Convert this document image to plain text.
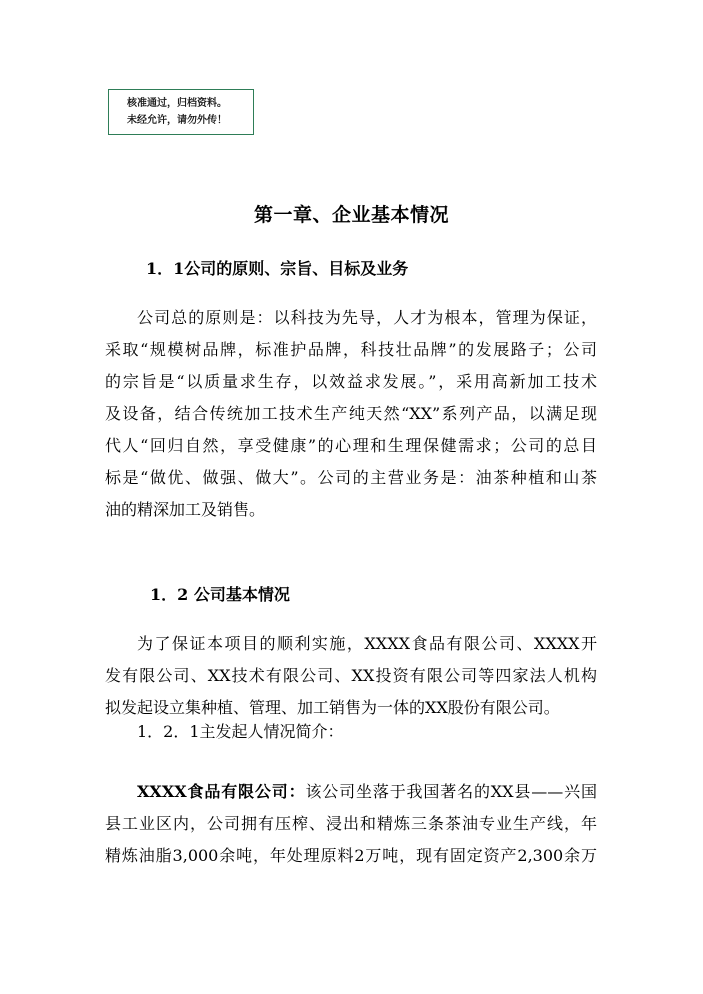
核准通过，归档资料。
未经允许，请勿外传！
第一章、企业基本情况
1．1公司的原则、宗旨、目标及业务
公司总的原则是：以科技为先导，人才为根本，管理为保证，
采取“规模树品牌，标准护品牌，科技壮品牌”的发展路子；公司
的宗旨是“以质量求生存，以效益求发展。”，采用高新加工技术
及设备，结合传统加工技术生产纯天然“XX”系列产品，以满足现
代人“回归自然，享受健康”的心理和生理保健需求；公司的总目
标是“做优、做强、做大”。公司的主营业务是：油茶种植和山茶
油的精深加工及销售。
1．2 公司基本情况
为了保证本项目的顺利实施，XXXX食品有限公司、XXXX开
发有限公司、XX技术有限公司、XX投资有限公司等四家法人机构
拟发起设立集种植、管理、加工销售为一体的XX股份有限公司。
1．2．1主发起人情况简介：
XXXX食品有限公司：该公司坐落于我国著名的XX县——兴国
县工业区内，公司拥有压榨、浸出和精炼三条茶油专业生产线，年
精炼油脂3,000余吨，年处理原料2万吨，现有固定资产2,300余万
